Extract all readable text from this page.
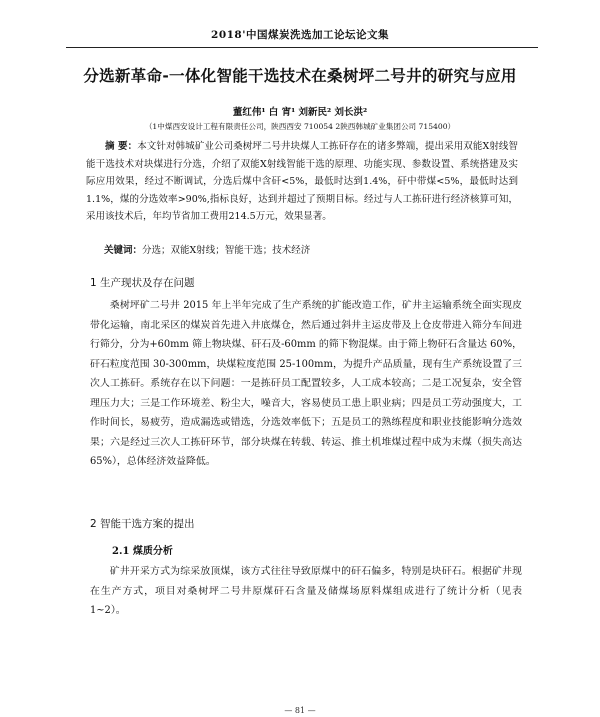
2018'中国煤炭洗选加工论坛论文集
分选新革命-一体化智能干选技术在桑树坪二号井的研究与应用
董红伟¹ 白 宵¹ 刘新民² 刘长洪²
（1中煤西安设计工程有限责任公司，陕西西安 710054 2陕西韩城矿业集团公司 715400）
摘 要：本文针对韩城矿业公司桑树坪二号井块煤人工拣矸存在的诸多弊端，提出采用双能X射线智能干选技术对块煤进行分选，介绍了双能X射线智能干选的原理、功能实现、参数设置、系统搭建及实际应用效果，经过不断调试，分选后煤中含矸<5%，最低时达到1.4%，矸中带煤<5%，最低时达到1.1%，煤的分选效率>90%,指标良好，达到并超过了预期目标。经过与人工拣矸进行经济核算可知，采用该技术后，年均节省加工费用214.5万元，效果显著。
关键词：分选；双能X射线；智能干选；技术经济
1 生产现状及存在问题
桑树坪矿二号井 2015 年上半年完成了生产系统的扩能改造工作，矿井主运输系统全面实现皮带化运输，南北采区的煤炭首先进入井底煤仓，然后通过斜井主运皮带及上仓皮带进入筛分车间进行筛分，分为+60mm 筛上物块煤、矸石及-60mm 的筛下物混煤。由于筛上物矸石含量达 60%，矸石粒度范围 30-300mm，块煤粒度范围 25-100mm，为提升产品质量，现有生产系统设置了三次人工拣矸。系统存在以下问题：一是拣矸员工配置较多，人工成本较高；二是工况复杂，安全管理压力大；三是工作环境差、粉尘大，噪音大，容易使员工患上职业病；四是员工劳动强度大，工作时间长，易疲劳，造成漏选或错选，分选效率低下；五是员工的熟练程度和职业技能影响分选效果；六是经过三次人工拣矸环节，部分块煤在转载、转运、推土机堆煤过程中成为末煤（损失高达 65%），总体经济效益降低。
2 智能干选方案的提出
2.1 煤质分析
矿井开采方式为综采放顶煤，该方式往往导致原煤中的矸石偏多，特别是块矸石。根据矿井现在生产方式，项目对桑树坪二号井原煤矸石含量及储煤场原料煤组成进行了统计分析（见表 1~2）。
— 81 —
